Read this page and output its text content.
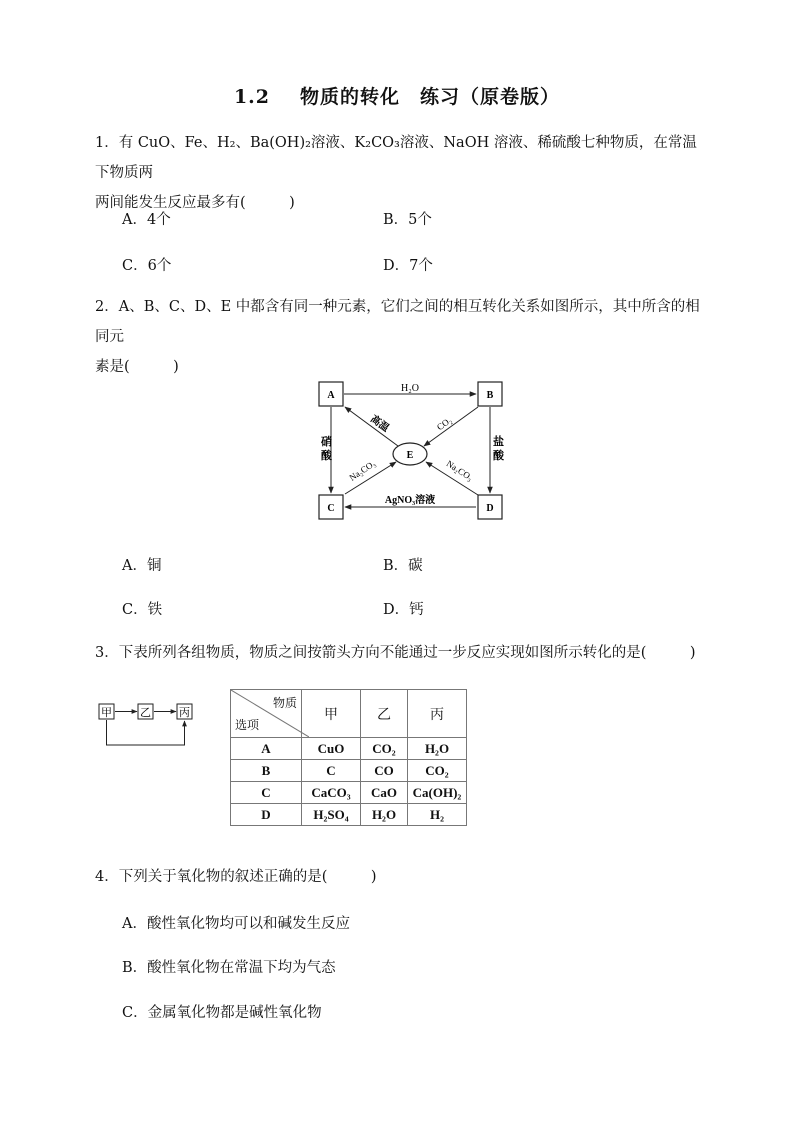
1.2 物质的转化　练习（原卷版）
1．有 CuO、Fe、H₂、Ba(OH)₂溶液、K₂CO₃溶液、NaOH 溶液、稀硫酸七种物质，在常温下物质两
两间能发生反应最多有(　　　)
A．4个	B．5个
C．6个	D．7个
2．A、B、C、D、E 中都含有同一种元素，它们之间的相互转化关系如图所示，其中所含的相同元
素是(　　　)
A	B
C	D
E
H₂O
硝
酸
盐
酸
AgNO₃溶液
高温	CO₂
Na₂CO₃	Na₂CO₃
A．铜	B．碳
C．铁	D．钙
3．下表所列各组物质，物质之间按箭头方向不能通过一步反应实现如图所示转化的是(　　　)
甲	乙	丙
物质
选项	甲	乙	丙
A	CuO	CO₂	H₂O
B	C	CO	CO₂
C	CaCO₃	CaO	Ca(OH)₂
D	H₂SO₄	H₂O	H₂
4．下列关于氧化物的叙述正确的是(　　　)
A．酸性氧化物均可以和碱发生反应
B．酸性氧化物在常温下均为气态
C．金属氧化物都是碱性氧化物
